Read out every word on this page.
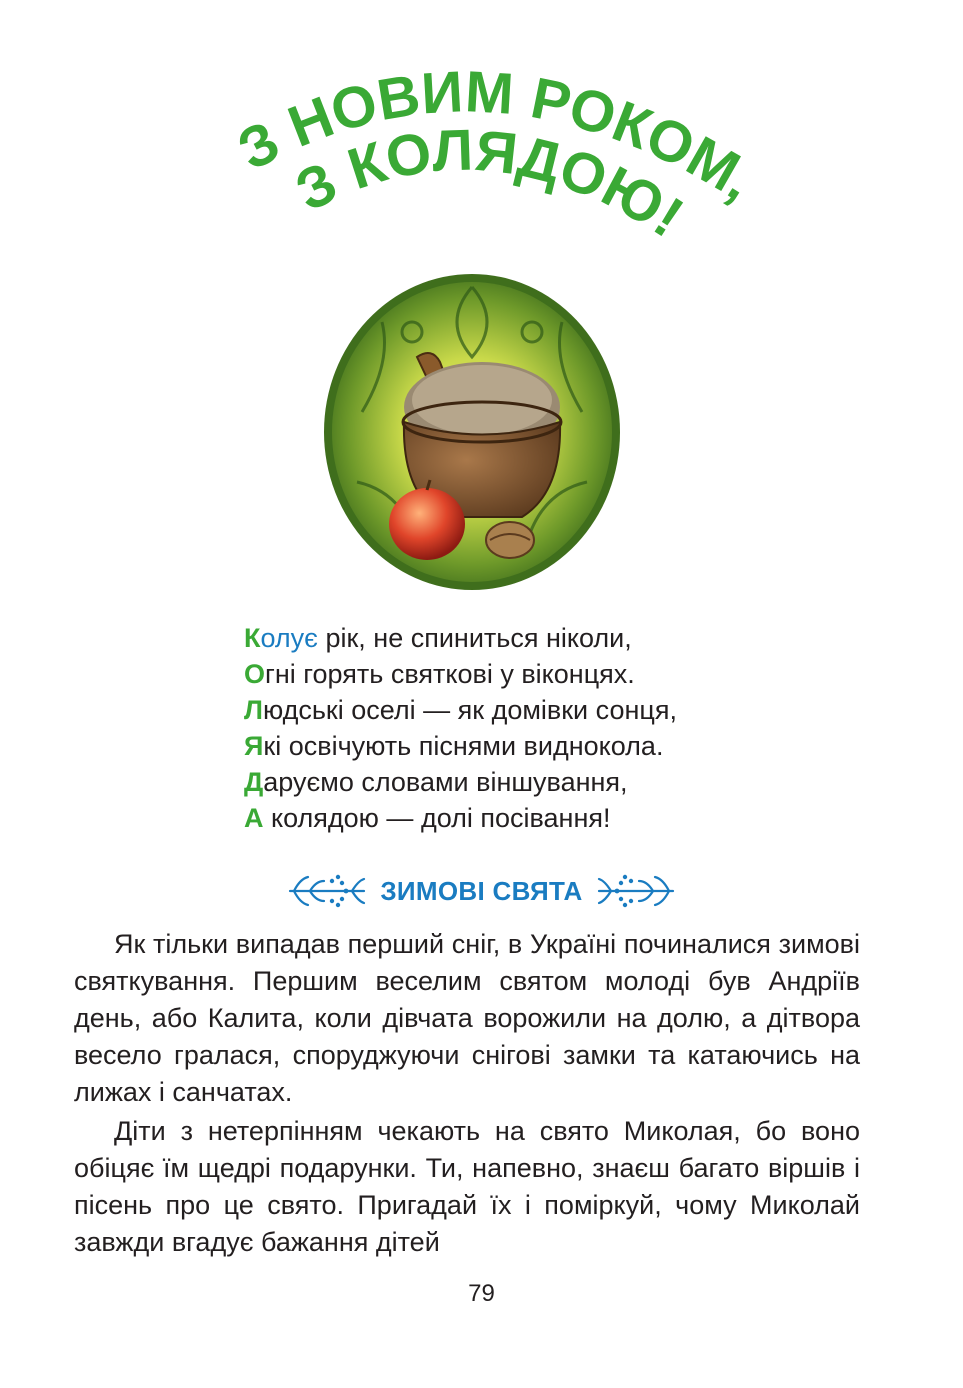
З НОВИМ РОКОМ,
З КОЛЯДОЮ!
Колує рік, не спиниться ніколи,
Огні горять святкові у віконцях.
Людські оселі — як домівки сонця,
Які освічують піснями виднокола.
Даруємо словами віншування,
А колядою — долі посівання!
ЗИМОВІ СВЯТА

Як тільки випадав перший сніг, в Україні починалися зимові святкування. Першим веселим святом молоді був Андріїв день, або Калита, коли дівчата ворожили на долю, а дітвора весело гралася, споруджуючи снігові замки та катаючись на лижах і санчатах.

Діти з нетерпінням чекають на свято Миколая, бо воно обіцяє їм щедрі подарунки. Ти, напевно, знаєш багато віршів і пісень про це свято. Пригадай їх і поміркуй, чому Миколай завжди вгадує бажання дітей

79
